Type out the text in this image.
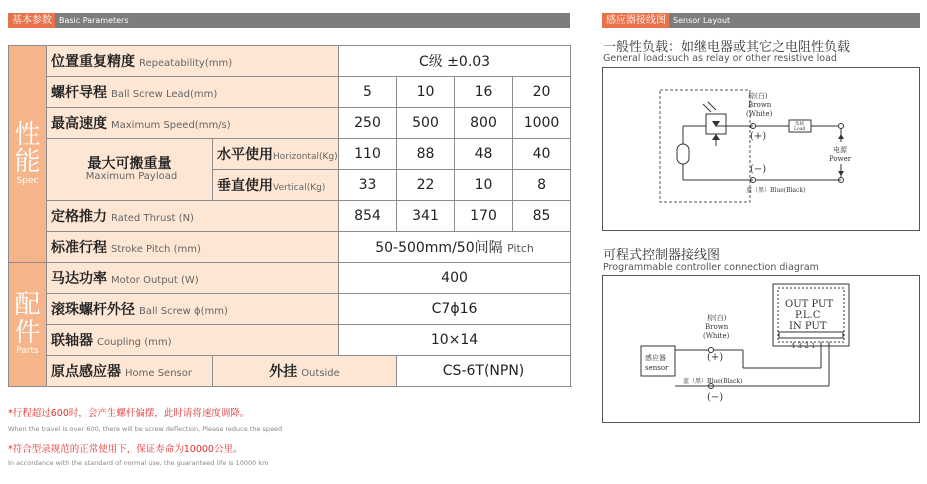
基本参数 Basic Parameters	感应器接线图 Sensor Layout
性
能
Spec	位置重复精度 Repeatability(mm)		C级 ±0.03			
	螺杆导程 Ball Screw Lead(mm)		5	10	16	20
	最高速度 Maximum Speed(mm/s)		250	500	800	1000
	最大可搬重量
Maximum Payload	水平使用Horizontal(Kg)	110	88	48	40
		垂直使用Vertical(Kg)	33	22	10	8
	定格推力 Rated Thrust (N)		854	341	170	85
	标准行程 Stroke Pitch (mm)		50-500mm/50间隔 Pitch			

配
件
Parts	马达功率 Motor Output (W)		400			
	滚珠螺杆外径 Ball Screw ϕ(mm)		C7ϕ16			
	联轴器 Coupling (mm)		10×14			
	原点感应器 Home Sensor	外挂 Outside		CS-6T(NPN)		
*行程超过600时，会产生螺杆偏摆，此时请将速度调降。
When the travel is over 600, there will be screw deflection, Please reduce the speed
*符合型录规范的正常使用下，保证寿命为10000公里。
In accordance with the standard of normal use, the guaranteed life is 10000 km
一般性负载：如继电器或其它之电阻性负载
General load:such as relay or other resistive load
棕(白)
Brown
(White)
(+)
(−)
负载
Load
电源
Power
蓝（黑）Blue(Black)
可程式控制器接线图
Programmable controller connection diagram
OUT PUT
P.L.C
IN PUT
4 3 2 1 − +
感应器
sensor
棕(白)
Brown
(White)
(+)
(−)
蓝（黑）Blue(Black)
